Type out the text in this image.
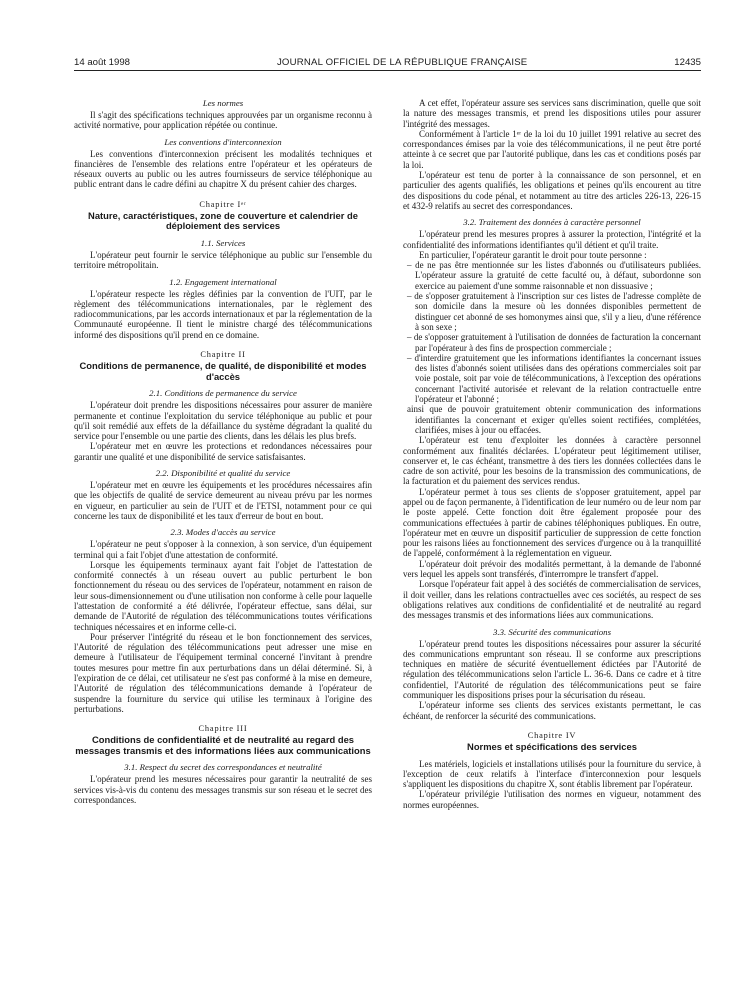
14 août 1998	JOURNAL OFFICIEL DE LA RÉPUBLIQUE FRANÇAISE	12435
Les normes

Il s'agit des spécifications techniques approuvées par un organisme reconnu à activité normative, pour application répétée ou continue.

Les conventions d'interconnexion

Les conventions d'interconnexion précisent les modalités techniques et financières de l'ensemble des relations entre l'opérateur et les opérateurs de réseaux ouverts au public ou les autres fournisseurs de service téléphonique au public entrant dans le cadre défini au chapitre X du présent cahier des charges.

Chapitre Iᵉʳ
Nature, caractéristiques, zone de couverture et calendrier de déploiement des services
1.1. Services

L'opérateur peut fournir le service téléphonique au public sur l'ensemble du territoire métropolitain.

1.2. Engagement international

L'opérateur respecte les règles définies par la convention de l'UIT, par le règlement des télécommunications internationales, par le règlement des radiocommunications, par les accords internationaux et par la réglementation de la Communauté européenne. Il tient le ministre chargé des télécommunications informé des dispositions qu'il prend en ce domaine.

Chapitre II
Conditions de permanence, de qualité, de disponibilité et modes d'accès
2.1. Conditions de permanence du service

L'opérateur doit prendre les dispositions nécessaires pour assurer de manière permanente et continue l'exploitation du service téléphonique au public et pour qu'il soit remédié aux effets de la défaillance du système dégradant la qualité du service pour l'ensemble ou une partie des clients, dans les délais les plus brefs.

L'opérateur met en œuvre les protections et redondances nécessaires pour garantir une qualité et une disponibilité de service satisfaisantes.

2.2. Disponibilité et qualité du service

L'opérateur met en œuvre les équipements et les procédures nécessaires afin que les objectifs de qualité de service demeurent au niveau prévu par les normes en vigueur, en particulier au sein de l'UIT et de l'ETSI, notamment pour ce qui concerne les taux de disponibilité et les taux d'erreur de bout en bout.

2.3. Modes d'accès au service

L'opérateur ne peut s'opposer à la connexion, à son service, d'un équipement terminal qui a fait l'objet d'une attestation de conformité.

Lorsque les équipements terminaux ayant fait l'objet de l'attestation de conformité connectés à un réseau ouvert au public perturbent le bon fonctionnement du réseau ou des services de l'opérateur, notamment en raison de leur sous-dimensionnement ou d'une utilisation non conforme à celle pour laquelle l'attestation de conformité a été délivrée, l'opérateur effectue, sans délai, sur demande de l'Autorité de régulation des télécommunications toutes vérifications techniques nécessaires et en informe celle-ci.

Pour préserver l'intégrité du réseau et le bon fonctionnement des services, l'Autorité de régulation des télécommunications peut adresser une mise en demeure à l'utilisateur de l'équipement terminal concerné l'invitant à prendre toutes mesures pour mettre fin aux perturbations dans un délai déterminé. Si, à l'expiration de ce délai, cet utilisateur ne s'est pas conformé à la mise en demeure, l'Autorité de régulation des télécommunications demande à l'opérateur de suspendre la fourniture du service qui utilise les terminaux à l'origine des perturbations.

Chapitre III
Conditions de confidentialité et de neutralité au regard des messages transmis et des informations liées aux communications
3.1. Respect du secret des correspondances et neutralité

L'opérateur prend les mesures nécessaires pour garantir la neutralité de ses services vis-à-vis du contenu des messages transmis sur son réseau et le secret des correspondances.

A cet effet, l'opérateur assure ses services sans discrimination, quelle que soit la nature des messages transmis, et prend les dispositions utiles pour assurer l'intégrité des messages.

Conformément à l'article 1ᵉʳ de la loi du 10 juillet 1991 relative au secret des correspondances émises par la voie des télécommunications, il ne peut être porté atteinte à ce secret que par l'autorité publique, dans les cas et conditions posés par la loi.

L'opérateur est tenu de porter à la connaissance de son personnel, et en particulier des agents qualifiés, les obligations et peines qu'ils encourent au titre des dispositions du code pénal, et notamment au titre des articles 226-13, 226-15 et 432-9 relatifs au secret des correspondances.

3.2. Traitement des données à caractère personnel

L'opérateur prend les mesures propres à assurer la protection, l'intégrité et la confidentialité des informations identifiantes qu'il détient et qu'il traite.

En particulier, l'opérateur garantit le droit pour toute personne :

– de ne pas être mentionnée sur les listes d'abonnés ou d'utilisateurs publiées. L'opérateur assure la gratuité de cette faculté ou, à défaut, subordonne son exercice au paiement d'une somme raisonnable et non dissuasive ;
– de s'opposer gratuitement à l'inscription sur ces listes de l'adresse complète de son domicile dans la mesure où les données disponibles permettent de distinguer cet abonné de ses homonymes ainsi que, s'il y a lieu, d'une référence à son sexe ;
– de s'opposer gratuitement à l'utilisation de données de facturation la concernant par l'opérateur à des fins de prospection commerciale ;
– d'interdire gratuitement que les informations identifiantes la concernant issues des listes d'abonnés soient utilisées dans des opérations commerciales soit par voie postale, soit par voie de télécommunications, à l'exception des opérations concernant l'activité autorisée et relevant de la relation contractuelle entre l'opérateur et l'abonné ;
ainsi que de pouvoir gratuitement obtenir communication des informations identifiantes la concernant et exiger qu'elles soient rectifiées, complétées, clarifiées, mises à jour ou effacées.

L'opérateur est tenu d'exploiter les données à caractère personnel conformément aux finalités déclarées. L'opérateur peut légitimement utiliser, conserver et, le cas échéant, transmettre à des tiers les données collectées dans le cadre de son activité, pour les besoins de la transmission des communications, de la facturation et du paiement des services rendus.

L'opérateur permet à tous ses clients de s'opposer gratuitement, appel par appel ou de façon permanente, à l'identification de leur numéro ou de leur nom par le poste appelé. Cette fonction doit être également proposée pour des communications effectuées à partir de cabines téléphoniques publiques. En outre, l'opérateur met en œuvre un dispositif particulier de suppression de cette fonction pour les raisons liées au fonctionnement des services d'urgence ou à la tranquillité de l'appelé, conformément à la réglementation en vigueur.

L'opérateur doit prévoir des modalités permettant, à la demande de l'abonné vers lequel les appels sont transférés, d'interrompre le transfert d'appel.

Lorsque l'opérateur fait appel à des sociétés de commercialisation de services, il doit veiller, dans les relations contractuelles avec ces sociétés, au respect de ses obligations relatives aux conditions de confidentialité et de neutralité au regard des messages transmis et des informations liées aux communications.

3.3. Sécurité des communications

L'opérateur prend toutes les dispositions nécessaires pour assurer la sécurité des communications empruntant son réseau. Il se conforme aux prescriptions techniques en matière de sécurité éventuellement édictées par l'Autorité de régulation des télécommunications selon l'article L. 36-6. Dans ce cadre et à titre confidentiel, l'Autorité de régulation des télécommunications peut se faire communiquer les dispositions prises pour la sécurisation du réseau.

L'opérateur informe ses clients des services existants permettant, le cas échéant, de renforcer la sécurité des communications.

Chapitre IV
Normes et spécifications des services

Les matériels, logiciels et installations utilisés pour la fourniture du service, à l'exception de ceux relatifs à l'interface d'interconnexion pour lesquels s'appliquent les dispositions du chapitre X, sont établis librement par l'opérateur.

L'opérateur privilégie l'utilisation des normes en vigueur, notamment des normes européennes.
